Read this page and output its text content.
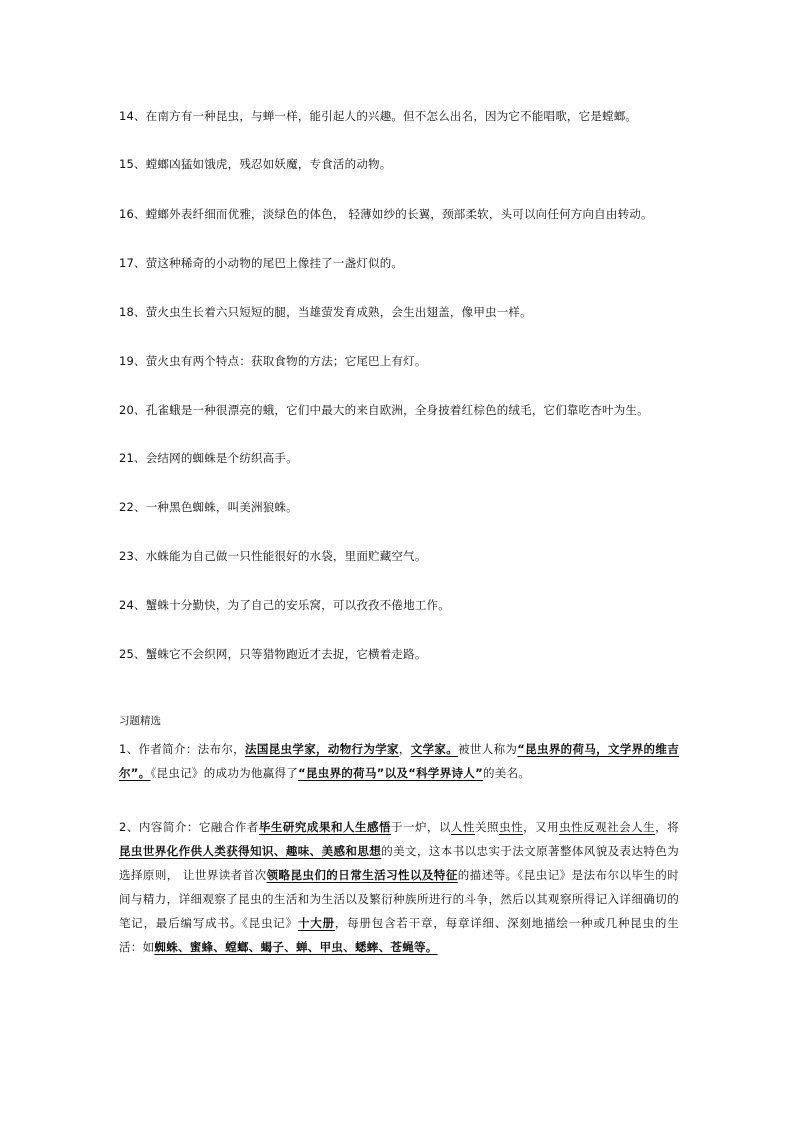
14、在南方有一种昆虫，与蝉一样，能引起人的兴趣。但不怎么出名，因为它不能唱歌，它是螳螂。
15、螳螂凶猛如饿虎，残忍如妖魔，专食活的动物。
16、螳螂外表纤细而优雅，淡绿色的体色， 轻薄如纱的长翼，颈部柔软，头可以向任何方向自由转动。
17、萤这种稀奇的小动物的尾巴上像挂了一盏灯似的。
18、萤火虫生长着六只短短的腿，当雄萤发育成熟，会生出翅盖，像甲虫一样。
19、萤火虫有两个特点：获取食物的方法；它尾巴上有灯。
20、孔雀蛾是一种很漂亮的蛾，它们中最大的来自欧洲，全身披着红棕色的绒毛，它们靠吃杏叶为生。
21、会结网的蜘蛛是个纺织高手。
22、一种黑色蜘蛛，叫美洲狼蛛。
23、水蛛能为自己做一只性能很好的水袋，里面贮藏空气。
24、蟹蛛十分勤快，为了自己的安乐窝，可以孜孜不倦地工作。
25、蟹蛛它不会织网，只等猎物跑近才去捉，它横着走路。
习题精选
1、作者简介：法布尔，法国昆虫学家，动物行为学家，文学家。被世人称为“昆虫界的荷马，文学界的维吉尔”。《昆虫记》的成功为他赢得了“昆虫界的荷马”以及“科学界诗人”的美名。
2、内容简介：它融合作者毕生研究成果和人生感悟于一炉，以人性关照虫性，又用虫性反观社会人生，将昆虫世界化作供人类获得知识、趣味、美感和思想的美文，这本书以忠实于法文原著整体风貌及表达特色为选择原则， 让世界读者首次领略昆虫们的日常生活习性以及特征的描述等。《昆虫记》是法布尔以毕生的时间与精力，详细观察了昆虫的生活和为生活以及繁衍种族所进行的斗争，然后以其观察所得记入详细确切的笔记，最后编写成书。《昆虫记》十大册，每册包含若干章，每章详细、深刻地描绘一种或几种昆虫的生活：如蜘蛛、蜜蜂、螳螂、蝎子、蝉、甲虫、蟋蟀、苍蝇等。
